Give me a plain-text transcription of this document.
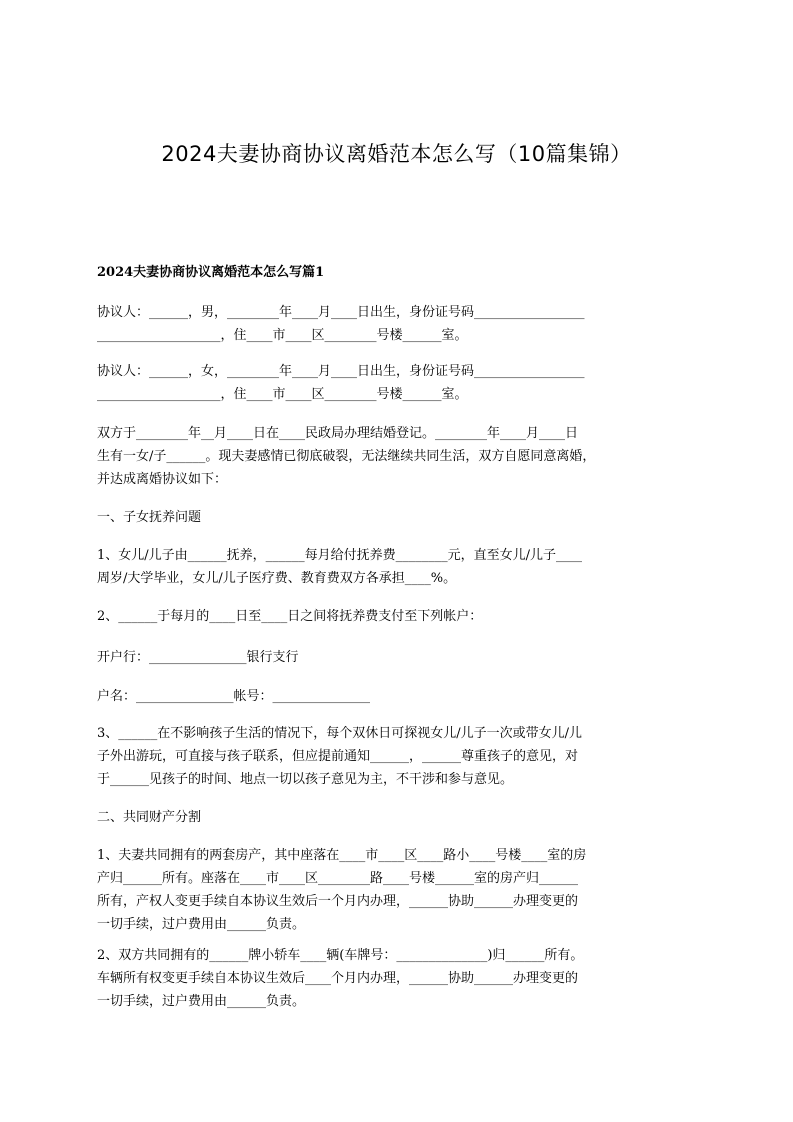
2024夫妻协商协议离婚范本怎么写（10篇集锦）
2024夫妻协商协议离婚范本怎么写篇1
协议人：______，男，________年____月____日出生，身份证号码_________________
___________________，住____市____区________号楼______室。
协议人：______，女，________年____月____日出生，身份证号码_________________
___________________，住____市____区________号楼______室。
双方于________年__月____日在____民政局办理结婚登记。________年____月____日
生有一女/子______。现夫妻感情已彻底破裂，无法继续共同生活，双方自愿同意离婚，
并达成离婚协议如下：
一、子女抚养问题
1、女儿/儿子由______抚养，______每月给付抚养费________元，直至女儿/儿子____
周岁/大学毕业，女儿/儿子医疗费、教育费双方各承担____%。
2、______于每月的____日至____日之间将抚养费支付至下列帐户：
开户行：_______________银行支行
户名：_______________帐号：_______________
3、______在不影响孩子生活的情况下，每个双休日可探视女儿/儿子一次或带女儿/儿
子外出游玩，可直接与孩子联系，但应提前通知______，______尊重孩子的意见，对
于______见孩子的时间、地点一切以孩子意见为主，不干涉和参与意见。
二、共同财产分割
1、夫妻共同拥有的两套房产，其中座落在____市____区____路小____号楼____室的房
产归______所有。座落在____市____区________路____号楼______室的房产归______
所有，产权人变更手续自本协议生效后一个月内办理，______协助______办理变更的
一切手续，过户费用由______负责。
2、双方共同拥有的______牌小轿车____辆(车牌号：______________)归______所有。
车辆所有权变更手续自本协议生效后____个月内办理，______协助______办理变更的
一切手续，过户费用由______负责。
